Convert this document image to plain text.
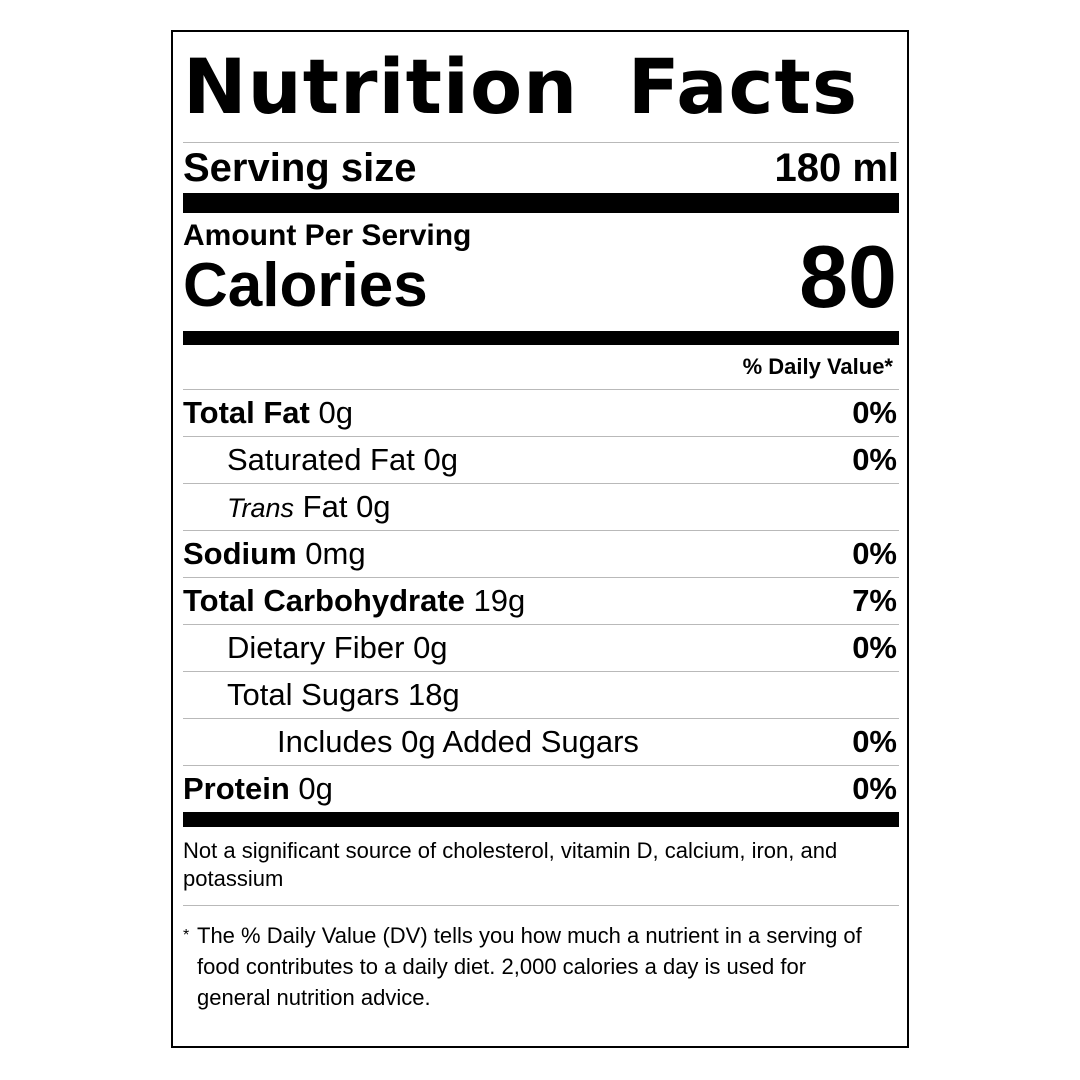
Nutrition Facts
Serving size	180 ml
Amount Per Serving
Calories	80
% Daily Value*
Total Fat 0g	0%
Saturated Fat 0g	0%
Trans Fat 0g
Sodium 0mg	0%
Total Carbohydrate 19g	7%
Dietary Fiber 0g	0%
Total Sugars 18g
Includes 0g Added Sugars	0%
Protein 0g	0%
Not a significant source of cholesterol, vitamin D, calcium, iron, and potassium
* The % Daily Value (DV) tells you how much a nutrient in a serving of food contributes to a daily diet. 2,000 calories a day is used for general nutrition advice.
